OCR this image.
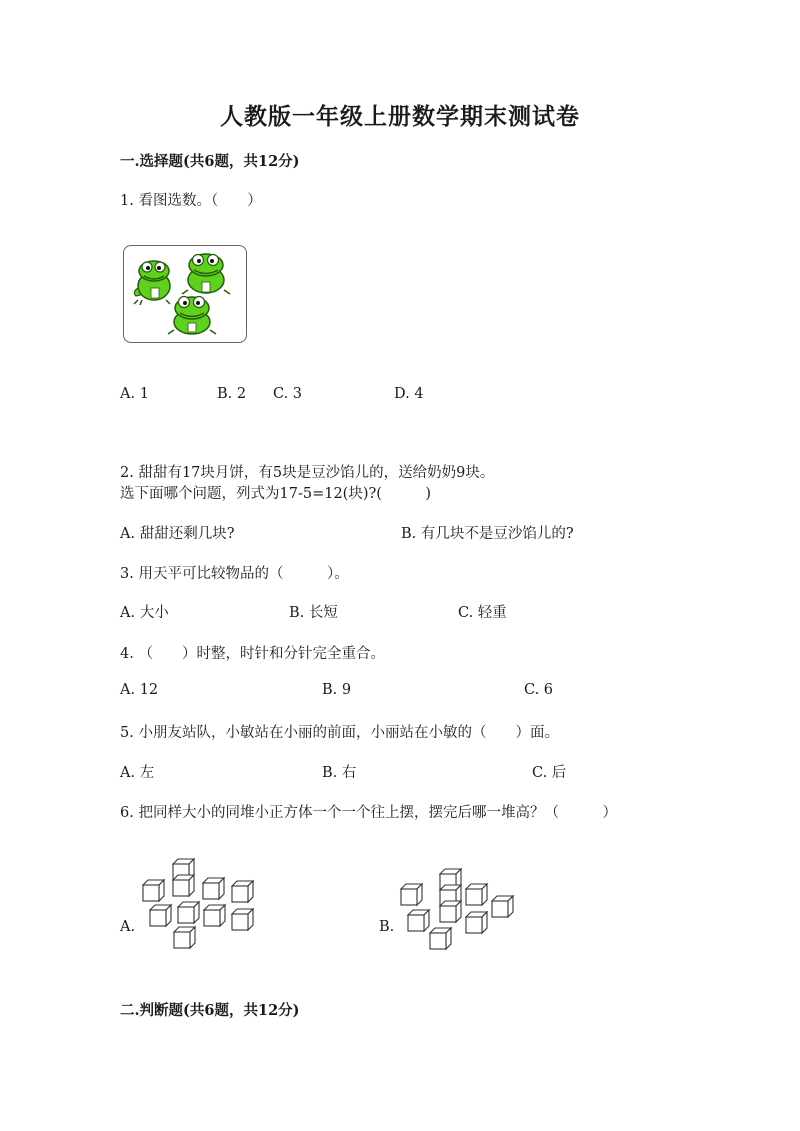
人教版一年级上册数学期末测试卷
一.选择题(共6题，共12分)
1. 看图选数。（　　）
A. 1	B. 2 C. 3	D. 4
2. 甜甜有17块月饼，有5块是豆沙馅儿的，送给奶奶9块。
选下面哪个问题，列式为17-5=12(块)?(　　　)
A. 甜甜还剩几块?	B. 有几块不是豆沙馅儿的?
3. 用天平可比较物品的（　　　）。
A. 大小	B. 长短	C. 轻重
4. （　　）时整，时针和分针完全重合。
A. 12	B. 9	C. 6
5. 小朋友站队，小敏站在小丽的前面，小丽站在小敏的（　　）面。
A. 左	B. 右	C. 后
6. 把同样大小的同堆小正方体一个一个往上摆，摆完后哪一堆高？（　　　）
A.	B.
二.判断题(共6题，共12分)
